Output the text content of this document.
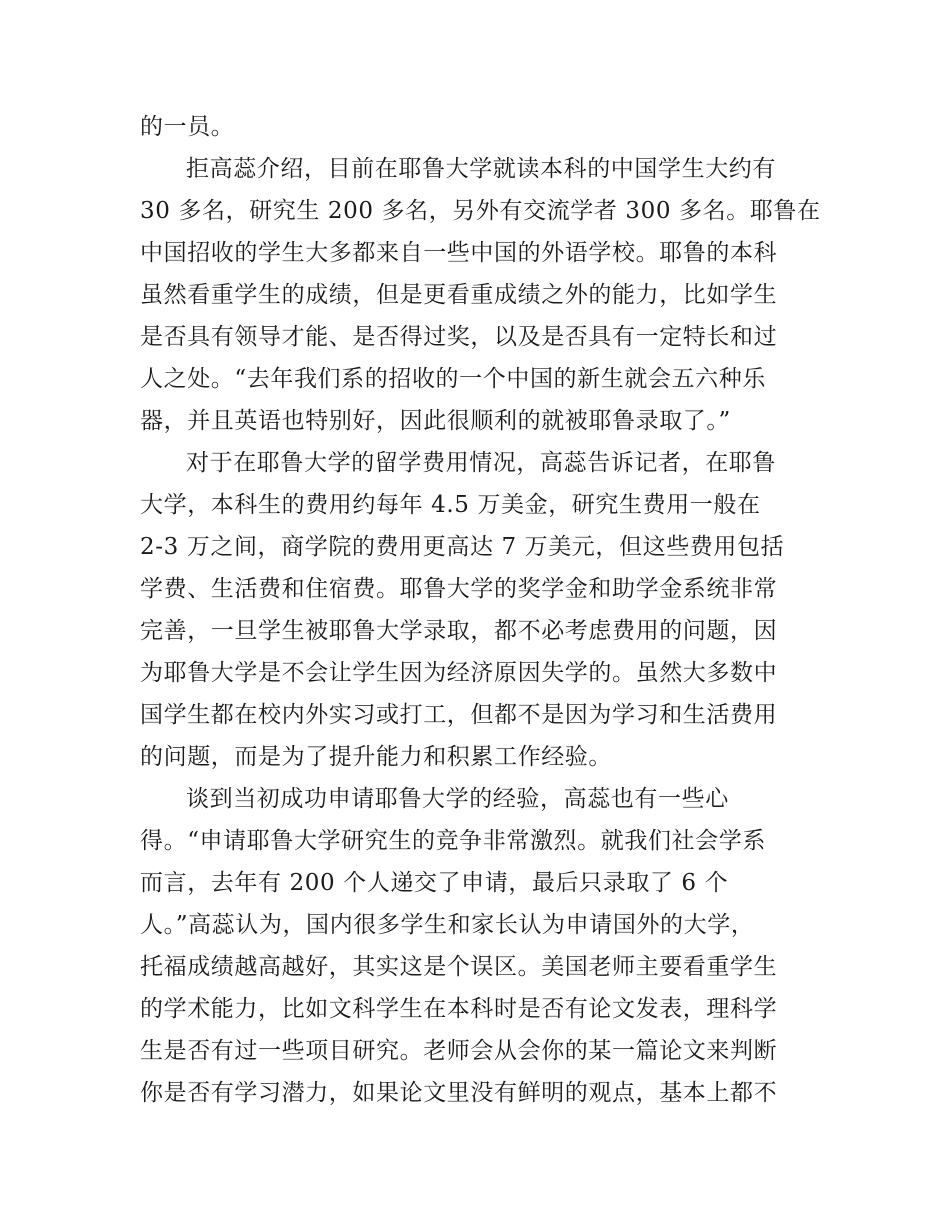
的一员。
拒高蕊介绍，目前在耶鲁大学就读本科的中国学生大约有
30 多名，研究生 200 多名，另外有交流学者 300 多名。耶鲁在
中国招收的学生大多都来自一些中国的外语学校。耶鲁的本科
虽然看重学生的成绩，但是更看重成绩之外的能力，比如学生
是否具有领导才能、是否得过奖，以及是否具有一定特长和过
人之处。“去年我们系的招收的一个中国的新生就会五六种乐
器，并且英语也特别好，因此很顺利的就被耶鲁录取了。”
对于在耶鲁大学的留学费用情况，高蕊告诉记者，在耶鲁
大学，本科生的费用约每年 4.5 万美金，研究生费用一般在
2-3 万之间，商学院的费用更高达 7 万美元，但这些费用包括
学费、生活费和住宿费。耶鲁大学的奖学金和助学金系统非常
完善，一旦学生被耶鲁大学录取，都不必考虑费用的问题，因
为耶鲁大学是不会让学生因为经济原因失学的。虽然大多数中
国学生都在校内外实习或打工，但都不是因为学习和生活费用
的问题，而是为了提升能力和积累工作经验。
谈到当初成功申请耶鲁大学的经验，高蕊也有一些心
得。“申请耶鲁大学研究生的竞争非常激烈。就我们社会学系
而言，去年有 200 个人递交了申请，最后只录取了 6 个
人。”高蕊认为，国内很多学生和家长认为申请国外的大学，
托福成绩越高越好，其实这是个误区。美国老师主要看重学生
的学术能力，比如文科学生在本科时是否有论文发表，理科学
生是否有过一些项目研究。老师会从会你的某一篇论文来判断
你是否有学习潜力，如果论文里没有鲜明的观点，基本上都不
